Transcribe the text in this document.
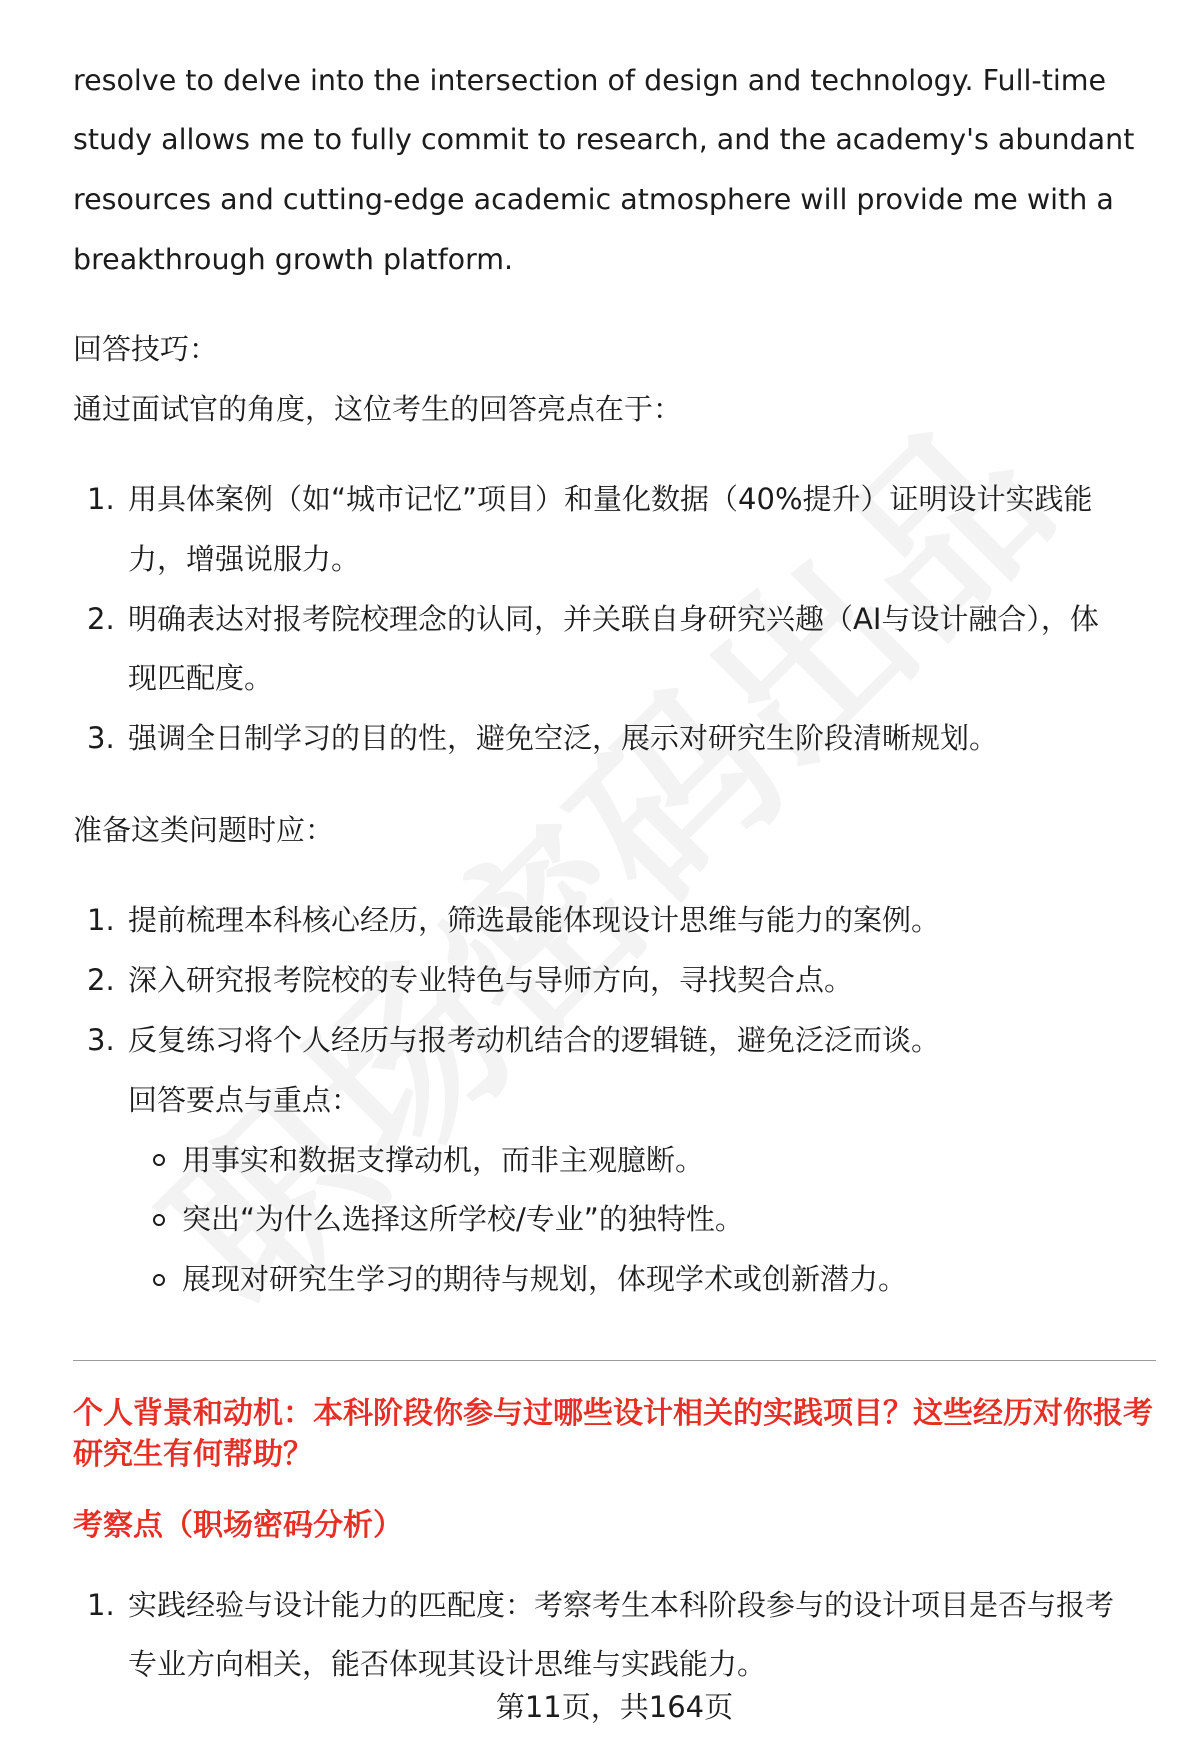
resolve to delve into the intersection of design and technology. Full-time
study allows me to fully commit to research, and the academy's abundant
resources and cutting-edge academic atmosphere will provide me with a
breakthrough growth platform.
回答技巧：
通过面试官的角度，这位考生的回答亮点在于：
1. 用具体案例（如“城市记忆”项目）和量化数据（40%提升）证明设计实践能
力，增强说服力。
2. 明确表达对报考院校理念的认同，并关联自身研究兴趣（AI与设计融合），体
现匹配度。
3. 强调全日制学习的目的性，避免空泛，展示对研究生阶段清晰规划。
准备这类问题时应：
1. 提前梳理本科核心经历，筛选最能体现设计思维与能力的案例。
2. 深入研究报考院校的专业特色与导师方向，寻找契合点。
3. 反复练习将个人经历与报考动机结合的逻辑链，避免泛泛而谈。
回答要点与重点：
用事实和数据支撑动机，而非主观臆断。
突出“为什么选择这所学校/专业”的独特性。
展现对研究生学习的期待与规划，体现学术或创新潜力。
个人背景和动机：本科阶段你参与过哪些设计相关的实践项目？这些经历对你报考
研究生有何帮助？
考察点（职场密码分析）
1. 实践经验与设计能力的匹配度：考察考生本科阶段参与的设计项目是否与报考
专业方向相关，能否体现其设计思维与实践能力。
第11页，共164页
